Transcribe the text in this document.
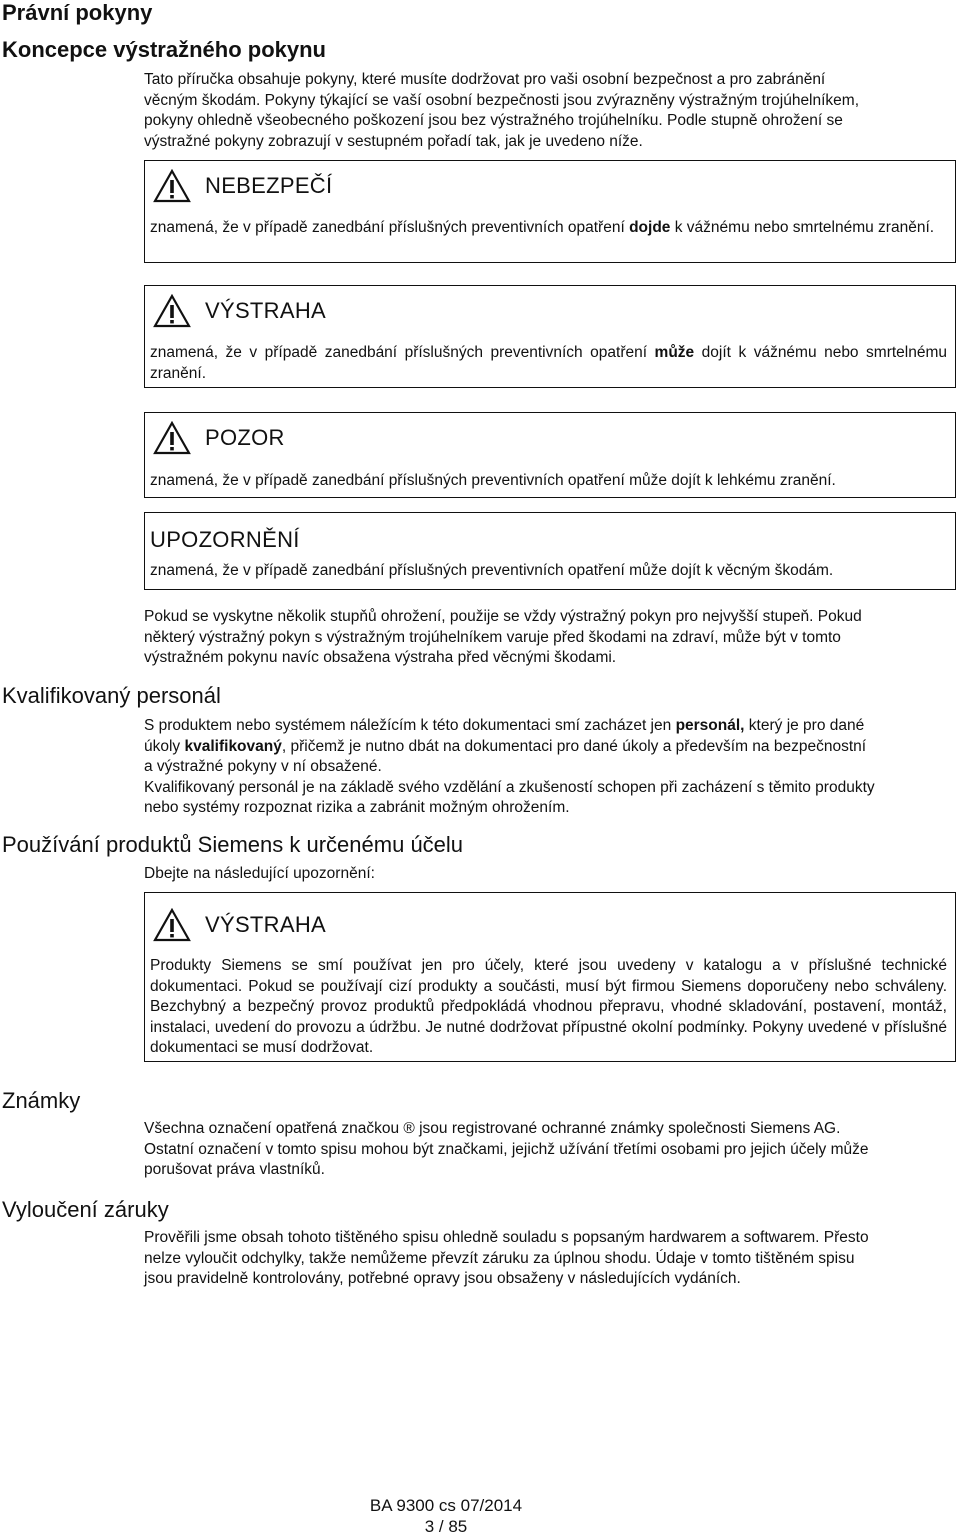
Právní pokyny
Koncepce výstražného pokynu
Tato příručka obsahuje pokyny, které musíte dodržovat pro vaši osobní bezpečnost a pro zabránění
věcným škodám. Pokyny týkající se vaší osobní bezpečnosti jsou zvýrazněny výstražným trojúhelníkem,
pokyny ohledně všeobecného poškození jsou bez výstražného trojúhelníku. Podle stupně ohrožení se
výstražné pokyny zobrazují v sestupném pořadí tak, jak je uvedeno níže.
NEBEZPEČÍ
znamená, že v případě zanedbání příslušných preventivních opatření dojde k vážnému nebo smrtelnému zranění.
VÝSTRAHA
znamená, že v případě zanedbání příslušných preventivních opatření může dojít k vážnému nebo smrtelnému zranění.
POZOR
znamená, že v případě zanedbání příslušných preventivních opatření může dojít k lehkému zranění.
UPOZORNĚNÍ
znamená, že v případě zanedbání příslušných preventivních opatření může dojít k věcným škodám.
Pokud se vyskytne několik stupňů ohrožení, použije se vždy výstražný pokyn pro nejvyšší stupeň. Pokud
některý výstražný pokyn s výstražným trojúhelníkem varuje před škodami na zdraví, může být v tomto
výstražném pokynu navíc obsažena výstraha před věcnými škodami.
Kvalifikovaný personál
S produktem nebo systémem náležícím k této dokumentaci smí zacházet jen personál, který je pro dané
úkoly kvalifikovaný, přičemž je nutno dbát na dokumentaci pro dané úkoly a především na bezpečnostní
a výstražné pokyny v ní obsažené.
Kvalifikovaný personál je na základě svého vzdělání a zkušeností schopen při zacházení s těmito produkty
nebo systémy rozpoznat rizika a zabránit možným ohrožením.
Používání produktů Siemens k určenému účelu
Dbejte na následující upozornění:
VÝSTRAHA
Produkty Siemens se smí používat jen pro účely, které jsou uvedeny v katalogu a v příslušné technické dokumentaci. Pokud se používají cizí produkty a součásti, musí být firmou Siemens doporučeny nebo schváleny. Bezchybný a bezpečný provoz produktů předpokládá vhodnou přepravu, vhodné skladování, postavení, montáž, instalaci, uvedení do provozu a údržbu. Je nutné dodržovat přípustné okolní podmínky. Pokyny uvedené v příslušné dokumentaci se musí dodržovat.
Známky
Všechna označení opatřená značkou ® jsou registrované ochranné známky společnosti Siemens AG.
Ostatní označení v tomto spisu mohou být značkami, jejichž užívání třetími osobami pro jejich účely může
porušovat práva vlastníků.
Vyloučení záruky
Prověřili jsme obsah tohoto tištěného spisu ohledně souladu s popsaným hardwarem a softwarem. Přesto
nelze vyloučit odchylky, takže nemůžeme převzít záruku za úplnou shodu. Údaje v tomto tištěném spisu
jsou pravidelně kontrolovány, potřebné opravy jsou obsaženy v následujících vydáních.
BA 9300 cs 07/2014
3 / 85
